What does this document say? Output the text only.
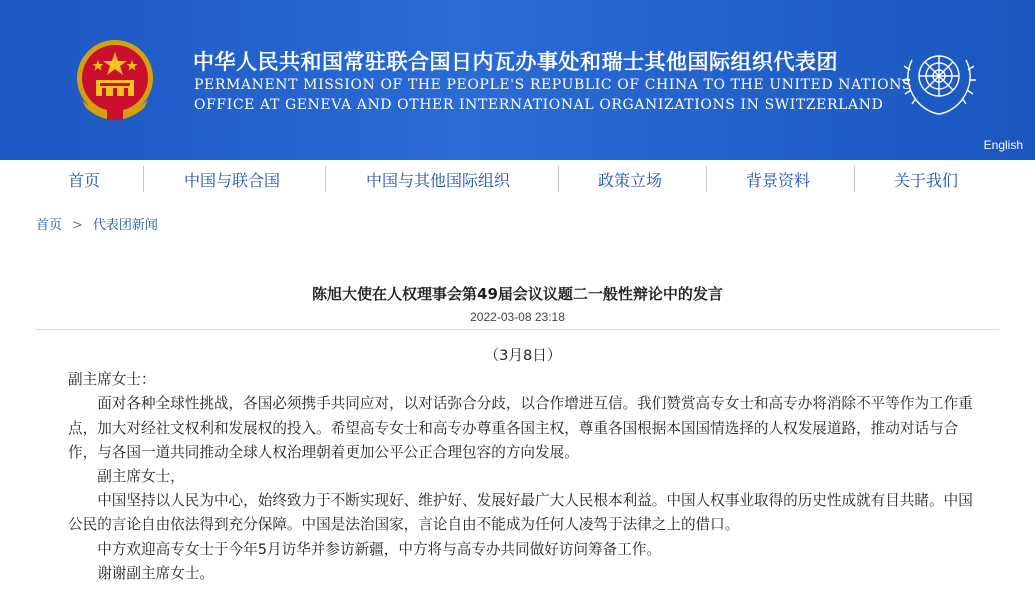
中华人民共和国常驻联合国日内瓦办事处和瑞士其他国际组织代表团
PERMANENT MISSION OF THE PEOPLE'S REPUBLIC OF CHINA TO THE UNITED NATIONS
OFFICE AT GENEVA AND OTHER INTERNATIONAL ORGANIZATIONS IN SWITZERLAND
English
首页	中国与联合国	中国与其他国际组织	政策立场	背景资料	关于我们
首页 > 代表团新闻
陈旭大使在人权理事会第49届会议议题二一般性辩论中的发言
2022-03-08 23:18

（3月8日）

副主席女士：

面对各种全球性挑战，各国必须携手共同应对，以对话弥合分歧，以合作增进互信。我们赞赏高专女士和高专办将消除不平等作为工作重点，加大对经社文权利和发展权的投入。希望高专女士和高专办尊重各国主权，尊重各国根据本国国情选择的人权发展道路，推动对话与合作，与各国一道共同推动全球人权治理朝着更加公平公正合理包容的方向发展。

副主席女士，

中国坚持以人民为中心，始终致力于不断实现好、维护好、发展好最广大人民根本利益。中国人权事业取得的历史性成就有目共睹。中国公民的言论自由依法得到充分保障。中国是法治国家，言论自由不能成为任何人凌驾于法律之上的借口。

中方欢迎高专女士于今年5月访华并参访新疆，中方将与高专办共同做好访问筹备工作。

谢谢副主席女士。
